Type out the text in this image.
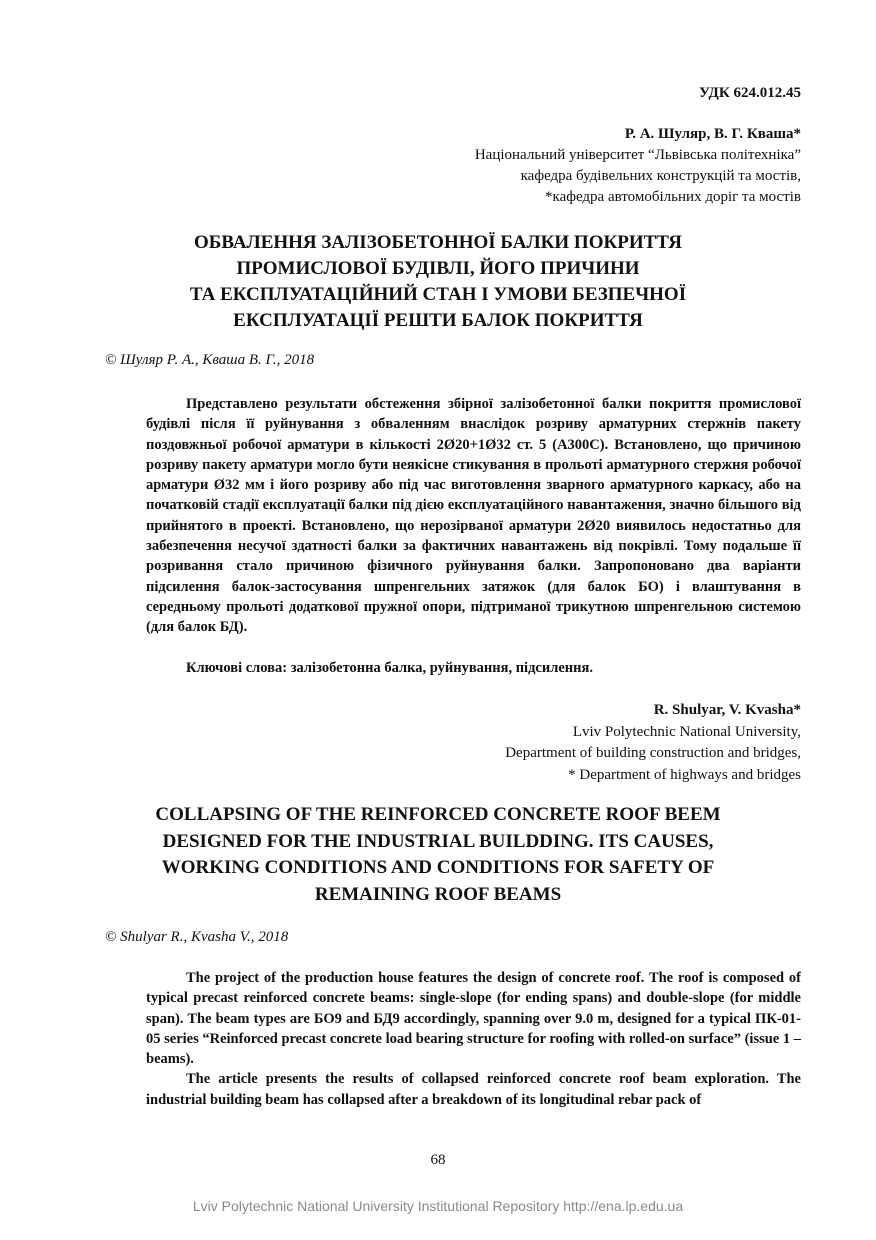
УДК 624.012.45
Р. А. Шуляр, В. Г. Кваша*
Національний університет “Львівська політехніка”
кафедра будівельних конструкцій та мостів,
*кафедра автомобільних доріг та мостів
ОБВАЛЕННЯ ЗАЛІЗОБЕТОННОЇ БАЛКИ ПОКРИТТЯ
ПРОМИСЛОВОЇ БУДІВЛІ, ЙОГО ПРИЧИНИ
ТА ЕКСПЛУАТАЦІЙНИЙ СТАН І УМОВИ БЕЗПЕЧНОЇ
ЕКСПЛУАТАЦІЇ РЕШТИ БАЛОК ПОКРИТТЯ
© Шуляр Р. А., Кваша В. Г., 2018

Представлено результати обстеження збірної залізобетонної балки покриття промислової будівлі після її руйнування з обваленням внаслідок розриву арматурних стержнів пакету поздовжньої робочої арматури в кількості 2Ø20+1Ø32 ст. 5 (А300С). Встановлено, що причиною розриву пакету арматури могло бути неякісне стикування в прольоті арматурного стержня робочої арматури Ø32 мм і його розриву або під час виготовлення зварного арматурного каркасу, або на початковій стадії експлуатації балки під дією експлуатаційного навантаження, значно більшого від прийнятого в проекті. Встановлено, що нерозірваної арматури 2Ø20 виявилось недостатньо для забезпечення несучої здатності балки за фактичних навантажень від покрівлі. Тому подальше її розривання стало причиною фізичного руйнування балки. Запропоновано два варіанти підсилення балок-застосування шпренгельних затяжок (для балок БО) і влаштування в середньому прольоті додаткової пружної опори, підтриманої трикутною шпренгельною системою (для балок БД).

Ключові слова: залізобетонна балка, руйнування, підсилення.
R. Shulyar, V. Kvasha*
Lviv Polytechnic National University,
Department of building construction and bridges,
* Department of highways and bridges
COLLAPSING OF THE REINFORCED CONCRETE ROOF BEEM
DESIGNED FOR THE INDUSTRIAL BUILDDING. ITS CAUSES,
WORKING CONDITIONS AND CONDITIONS FOR SAFETY OF
REMAINING ROOF BEAMS
© Shulyar R., Kvasha V., 2018

The project of the production house features the design of concrete roof. The roof is composed of typical precast reinforced concrete beams: single-slope (for ending spans) and double-slope (for middle span). The beam types are БО9 and БД9 accordingly, spanning over 9.0 m, designed for a typical ПК-01-05 series “Reinforced precast concrete load bearing structure for roofing with rolled-on surface” (issue 1 – beams).

The article presents the results of collapsed reinforced concrete roof beam exploration. The industrial building beam has collapsed after a breakdown of its longitudinal rebar pack of

68
Lviv Polytechnic National University Institutional Repository http://ena.lp.edu.ua
